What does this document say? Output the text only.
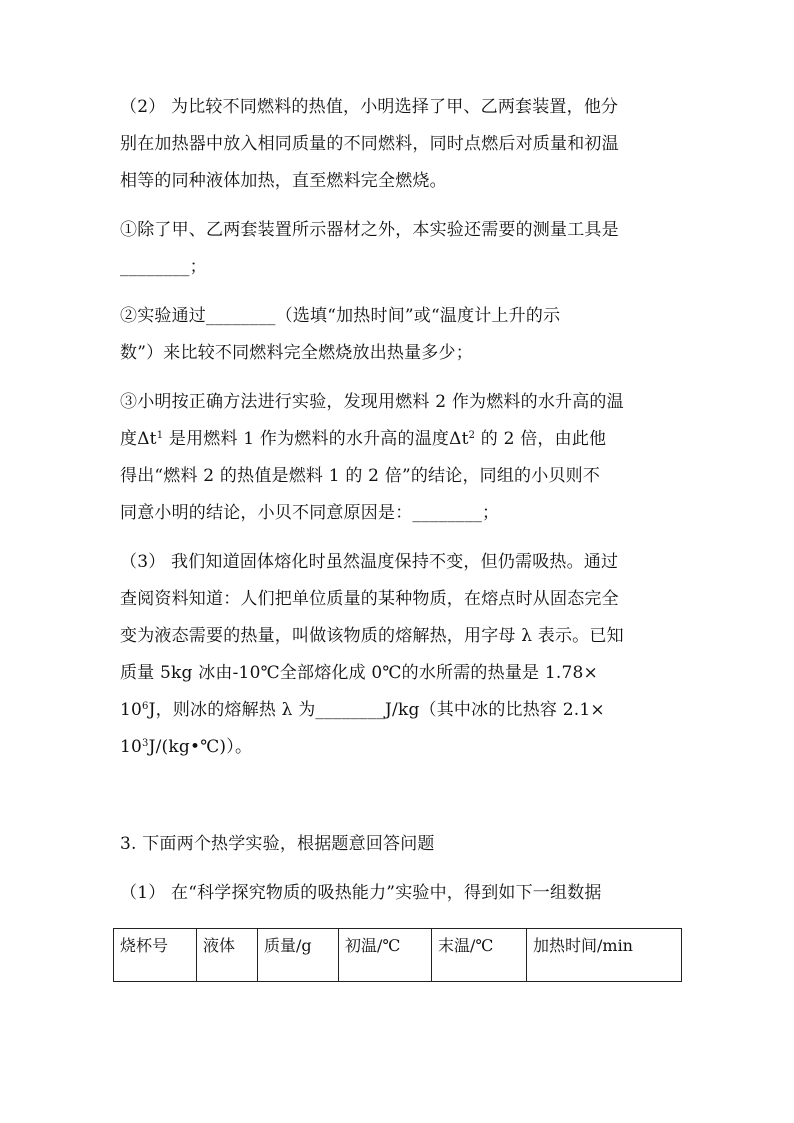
（2） 为比较不同燃料的热值，小明选择了甲、乙两套装置，他分
别在加热器中放入相同质量的不同燃料，同时点燃后对质量和初温
相等的同种液体加热，直至燃料完全燃烧。
①除了甲、乙两套装置所示器材之外，本实验还需要的测量工具是
________；
②实验通过________（选填“加热时间”或“温度计上升的示
数”）来比较不同燃料完全燃烧放出热量多少；
③小明按正确方法进行实验，发现用燃料 2 作为燃料的水升高的温
度$\Delta t^1$ 是用燃料 1 作为燃料的水升高的温度$\Delta t^2$ 的 2 倍，由此他
得出“燃料 2 的热值是燃料 1 的 2 倍”的结论，同组的小贝则不
同意小明的结论，小贝不同意原因是：________；
（3） 我们知道固体熔化时虽然温度保持不变，但仍需吸热。通过
查阅资料知道：人们把单位质量的某种物质，在熔点时从固态完全
变为液态需要的热量，叫做该物质的熔解热，用字母 λ 表示。已知
质量 5kg 冰由-10℃全部熔化成 0℃的水所需的热量是 1.78×
$10^6J$，则冰的熔解热 λ 为________J/kg（其中冰的比热容 2.1×
$10^3J/(kg•℃)$）。
3. 下面两个热学实验，根据题意回答问题
（1） 在“科学探究物质的吸热能力”实验中，得到如下一组数据
烧杯号	液体	质量/g	初温/℃	末温/℃	加热时间/min
